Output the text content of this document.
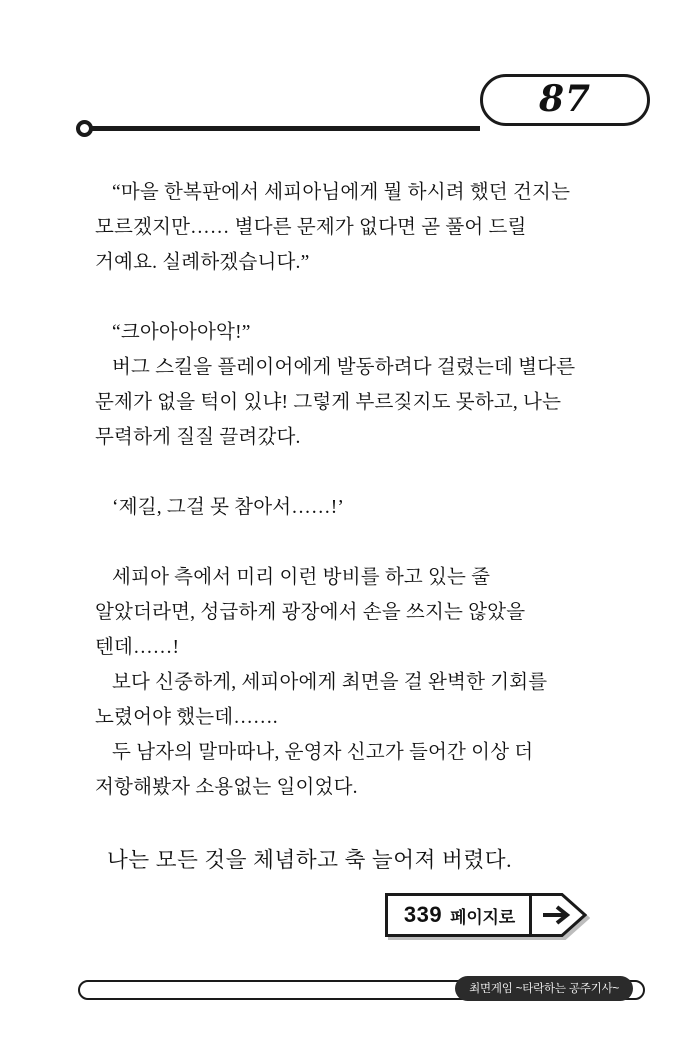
87

“마을 한복판에서 세피아님에게 뭘 하시려 했던 건지는 모르겠지만…… 별다른 문제가 없다면 곧 풀어 드릴 거예요. 실례하겠습니다.”

“크아아아아악!”

버그 스킬을 플레이어에게 발동하려다 걸렸는데 별다른 문제가 없을 턱이 있냐! 그렇게 부르짖지도 못하고, 나는 무력하게 질질 끌려갔다.

‘제길, 그걸 못 참아서……!’

세피아 측에서 미리 이런 방비를 하고 있는 줄 알았더라면, 성급하게 광장에서 손을 쓰지는 않았을 텐데……!

보다 신중하게, 세피아에게 최면을 걸 완벽한 기회를 노렸어야 했는데…….

두 남자의 말마따나, 운영자 신고가 들어간 이상 더 저항해봤자 소용없는 일이었다.

나는 모든 것을 체념하고 축 늘어져 버렸다.

339 페이지로
최면게임 ~타락하는 공주기사~
